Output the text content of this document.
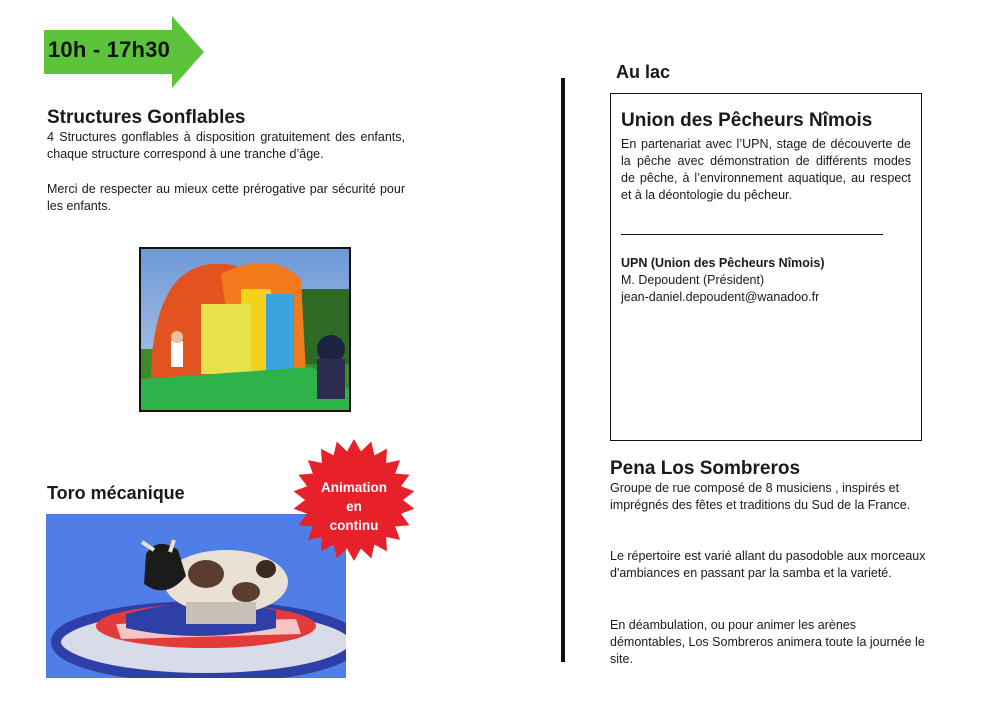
10h - 17h30
Structures Gonflables

4 Structures gonflables à disposition gratuitement des enfants, chaque structure correspond à une tranche d’âge.

Merci de respecter au mieux cette prérogative par sécurité pour les enfants.

Toro mécanique	Animation
en
continu
Au lac
Union des Pêcheurs Nîmois

En partenariat avec l’UPN, stage de découverte de la pêche avec démonstration de différents modes de pêche, à l’environnement aquatique, au respect et à la déontologie du pêcheur.

UPN (Union des Pêcheurs Nîmois)

M. Depoudent (Président)

jean-daniel.depoudent@wanadoo.fr

Pena Los Sombreros

Groupe de rue composé de 8 musiciens , inspirés et imprégnés des fêtes et traditions du Sud de la France.

Le répertoire est varié allant du pasodoble aux morceaux d'ambiances en passant par la samba et la varieté.

En déambulation, ou pour animer les arènes démontables, Los Sombreros animera toute la journée le site.
